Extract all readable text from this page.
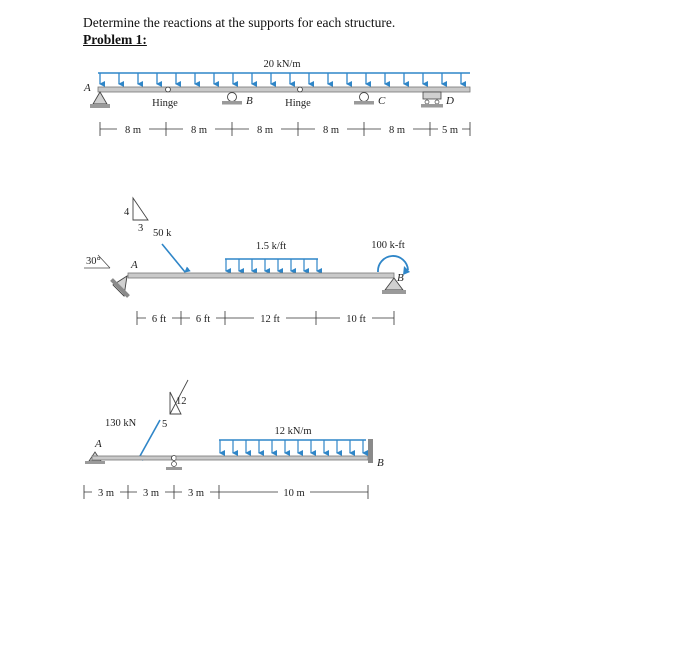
Determine the reactions at the supports for each structure.
Problem 1:
20 kN/m
Hinge	Hinge
A
B	C	D
8 m	8 m	8 m	8 m	8 m	5 m
4
3 50 k
30°	A
1.5 k/ft	100 k-ft
B
6 ft	6 ft	12 ft	10 ft
12
5
130 kN
A
12 kN/m
B
3 m	3 m	3 m	10 m
